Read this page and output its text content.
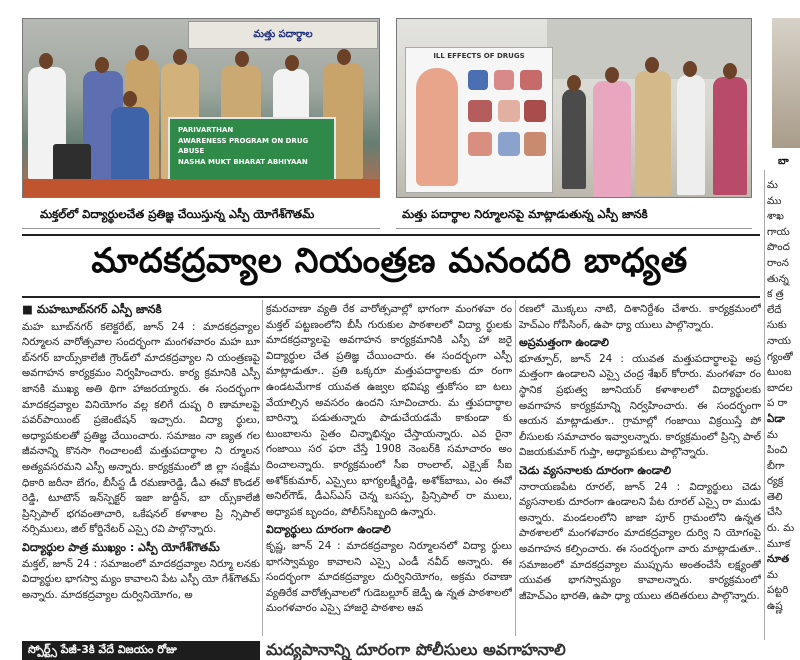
మత్తు పదార్థాల
PARIVARTHAN
AWARENESS PROGRAM ON DRUG ABUSE
NASHA MUKT BHARAT ABHIYAAN
ILL EFFECTS OF DRUGS
మక్తల్‌లో విద్యార్థులచేత ప్రతిజ్ఞ చేయిస్తున్న ఎస్పీ యోగేశ్‌గౌతమ్	మత్తు పదార్థాల నిర్మూలనపై మాట్లాడుతున్న ఎస్పీ జానకి
బా
మాదకద్రవ్యాల నియంత్రణ మనందరి బాధ్యత
■ మహబూబ్‌నగర్ ఎస్పీ జానకి

మహ బూబ్‌నగర్ కలెక్టరేట్, జూన్ 24 : మాదకద్రవ్యాల నిర్మూలన వారోత్సవాల సందర్భంగా మంగళవారం మహ బూ బ్‌నగర్ బాయ్స్‌కాలేజీ గ్రౌండ్‌లో మాదకద్రవ్యాల ని యంత్రణపై అవగాహన కార్యక్రమం నిర్వహించారు. కార్య క్రమానికి ఎస్పీ జానకి ముఖ్య అతి థిగా హాజరయ్యారు. ఈ సందర్భంగా మాదకద్రవ్యాల వినియోగం వల్ల కలిగే దుష్ప రి ణామాలపై పవర్‌పాయింట్ ప్రజెంటేషన్ ఇచ్చారు. విద్యా ర్థులు, అధ్యాపకులతో ప్రతిజ్ఞ చేయించారు. సమాజం నా ణ్యత గల జీవనాన్ని కొనసా గించాలంటే మత్తుపదార్థాల ని ర్మూలన అత్యవసరమని ఎస్పీ అన్నారు. కార్యక్రమంలో జి ల్లా సంక్షేమ ధికారి జరీనా బేగం, బీసీస్ట డీ రమణారెడ్డి, డీఎ ఈవో కొండల్ రెడ్డి, టూటౌన్ ఇన్‌స్పెక్టర్ ఇజా జుద్దీన్, బా య్స్‌కాలేజీ ప్రిన్సిపాల్ భగవంతాచారి, ఒకేషనల్ కళాశాల ప్రి న్సిపాల్ నర్సిములు, జిల్ కోర్డినేటర్ ఎస్సై రవి పాల్గొన్నారు.

విద్యార్థుల పాత్ర ముఖ్యం : ఎస్పీ యోగేశ్‌గౌతమ్

మక్తల్, జూన్ 24 : సమాజంలో మాదకద్రవ్యాల నిర్మూ లనకు విద్యార్థుల భాగస్వా మ్యం కావాలని పేట ఎస్పీ యో గేశ్‌గౌతమ్ అన్నారు. మాదకద్రవ్యాల దుర్వినియోగం, అ

క్రమరవాణా వ్యతి రేక వారోత్సవాల్లో భాగంగా మంగళవా రం మక్తల్ పట్టణంలోని బీసీ గురుకుల పాఠశాలలో విద్యా ర్థులకు మాదకద్రవ్యాలపై అవగాహన కార్యక్రమానికి ఎస్పీ హా జరై విద్యార్థుల చేత ప్రతిజ్ఞ చేయించారు. ఈ సందర్భంగా ఎస్పీ మాట్లాడుతూ.. ప్రతి ఒక్కరూ మత్తుపదార్థాలకు దూ రంగా ఉండటమేగాక యువత ఉజ్వల భవిష్య త్తుకోసం బా టలు వేయాల్సిన అవసరం ఉందని సూచించారు. మ త్తుపదార్థాల బారిన్నా పడుతున్నారు పాడుచేయడమే కాకుండా కు టుంబాలను సైతం చిన్నాభిన్నం చేస్తాయన్నారు. ఎవ రైనా గంజాయి సర ఫరా చేస్తే 1908 నెంబర్‌కి సమాచారం అం దించాలన్నారు. కార్యక్రమంలో సీఐ రాంలాల్, ఎక్సైజ్ సీఐ అశోక్‌కుమార్, ఎస్సైలు భాగ్యలక్ష్మీరెడ్డి, అశోక్‌బాబు, ఎం ఈవో అనిల్‌గౌడ్, డీఎస్‌ఎస్ చెన్న బసప్ప, ప్రిన్సిపాల్ రా ములు, అధ్యాపక బృందం, పోలీస్‌సిబ్బంది ఉన్నారు.

విద్యార్థులు దూరంగా ఉండాలి

కృష్ణ, జూన్ 24 : మాదకద్రవ్యాల నిర్మూలనలో విద్యా ర్థులు భాగస్వామ్యం కావాలని ఎస్సై ఎండీ నవీద్ అన్నారు. ఈ సందర్భంగా మాదకద్రవ్యాల దుర్వినియోగం, అక్రమ రవాణా వ్యతిరేక వారోత్సవాలలో గుడెబల్లూర్ జెడ్పీ ఉ న్నత పాఠశాలలో మంగళవారం ఎస్సై హాజరై పాఠశాల ఆవ

రణలో మొక్కలు నాటి, దిశానిర్దేశం చేశారు. కార్యక్రమంలో హెచ్‌ఎం గోపీసింగ్, ఉపా ధ్యా యులు పాల్గొన్నారు.

అప్రమత్తంగా ఉండాలి

భూత్పూర్, జూన్ 24 : యువత మత్తుపదార్థాలపై అప్ర మత్తంగా ఉండాలని ఎస్సై చంద్ర శేఖర్ కోరారు. మంగళవా రం స్థానిక ప్రభుత్వ జూనియర్ కళాశాలలో విద్యార్థులకు అవగాహన కార్యక్రమాన్ని నిర్వహించారు. ఈ సందర్భంగా ఆయన మాట్లాడుతూ.. గ్రామాల్లో గంజాయి విక్రయిస్తే పో లీసులకు సమాచారం ఇవ్వాలన్నారు. కార్యక్రమంలో ప్రిన్సి పాల్ విజయకుమార్ గుప్తా, అధ్యాపకులు పాల్గొన్నారు.

చెడు వ్యసనాలకు దూరంగా ఉండాలి

నారాయణపేట రూరల్, జూన్ 24 : విద్యార్థులు చెడు వ్యసనాలకు దూరంగా ఉండాలని పేట రూరల్ ఎస్సై రా ముడు అన్నారు. మండలంలోని జాజా పూర్ గ్రామంలోని ఉన్నత పాఠశాలలో మంగళవారం మాదకద్రవ్యాల దుర్వి ని యోగంపై అవగాహన కల్పించారు. ఈ సందర్భంగా వారు మాట్లాడుతూ.. సమాజంలో మాదకద్రవ్యాల ముప్పును అంతంచేసే లక్ష్యంతో యువత భాగస్వామ్యం కావాలన్నారు. కార్యక్రమంలో జీహెచ్‌ఎం భారతి, ఉపా ధ్యా యులు తదితరులు పాల్గొన్నారు.

మ
ము
శాఖ
గాయ
పొంద
రాంన
తున్న
క త్ర
లేదే
సుకు
నాయ
గ్యంతో
టుంబ
బాదల
ప రా
ఏడా
మ
పించి
బీగా
ర్యక్ర
తెలి
చేసి
రు. మ
మూక
నూత
మ
పట్టరి
ఉష్ణ
స్పోర్ట్స్ పేజీ-3కి వేదే విజయం రోజు	మద్యపానాన్ని దూరంగా పోలీసులు అవగాహనాలి
